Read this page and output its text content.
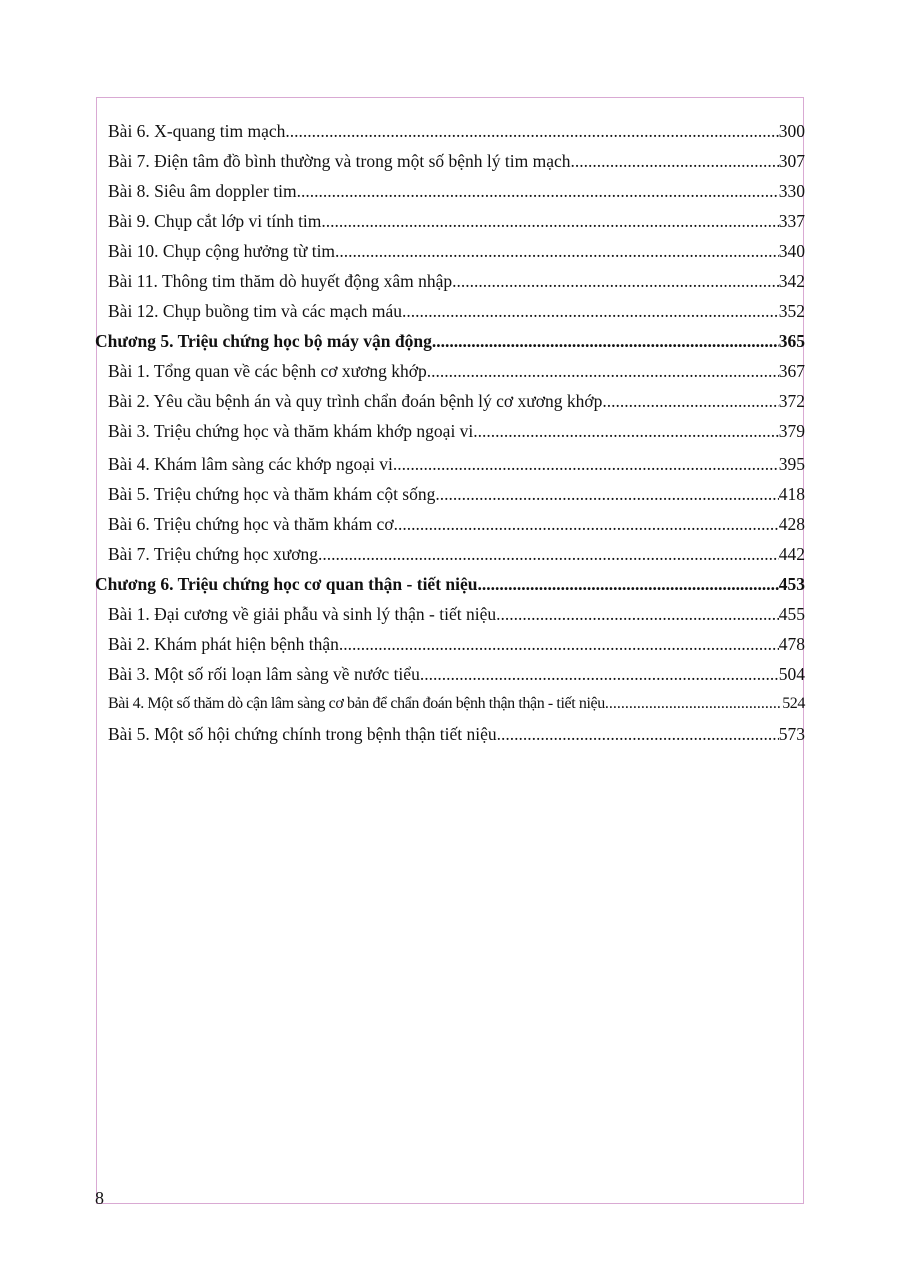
Bài 6. X-quang tim mạch .....	300
Bài 7. Điện tâm đồ bình thường và trong một số bệnh lý tim mạch .....	307
Bài 8. Siêu âm doppler tim .....	330
Bài 9. Chụp cắt lớp vi tính tim .....	337
Bài 10. Chụp cộng hưởng từ tim .....	340
Bài 11. Thông tim thăm dò huyết động xâm nhập .....	342
Bài 12. Chụp buồng tim và các mạch máu .....	352
Chương 5. Triệu chứng học bộ máy vận động .....	365
Bài 1. Tổng quan về các bệnh cơ xương khớp .....	367
Bài 2. Yêu cầu bệnh án và quy trình chẩn đoán bệnh lý cơ xương khớp .....	372
Bài 3. Triệu chứng học và thăm khám khớp ngoại vi .....	379
Bài 4. Khám lâm sàng các khớp ngoại vi .....	395
Bài 5. Triệu chứng học và thăm khám cột sống .....	418
Bài 6. Triệu chứng học và thăm khám cơ .....	428
Bài 7. Triệu chứng học xương .....	442
Chương 6. Triệu chứng học cơ quan thận - tiết niệu .....	453
Bài 1. Đại cương về giải phẫu và sinh lý thận - tiết niệu .....	455
Bài 2. Khám phát hiện bệnh thận .....	478
Bài 3. Một số rối loạn lâm sàng về nước tiểu .....	504
Bài 4. Một số thăm dò cận lâm sàng cơ bản để chẩn đoán bệnh thận thận - tiết niệu .....	524
Bài 5. Một số hội chứng chính trong bệnh thận tiết niệu .....	573
8
